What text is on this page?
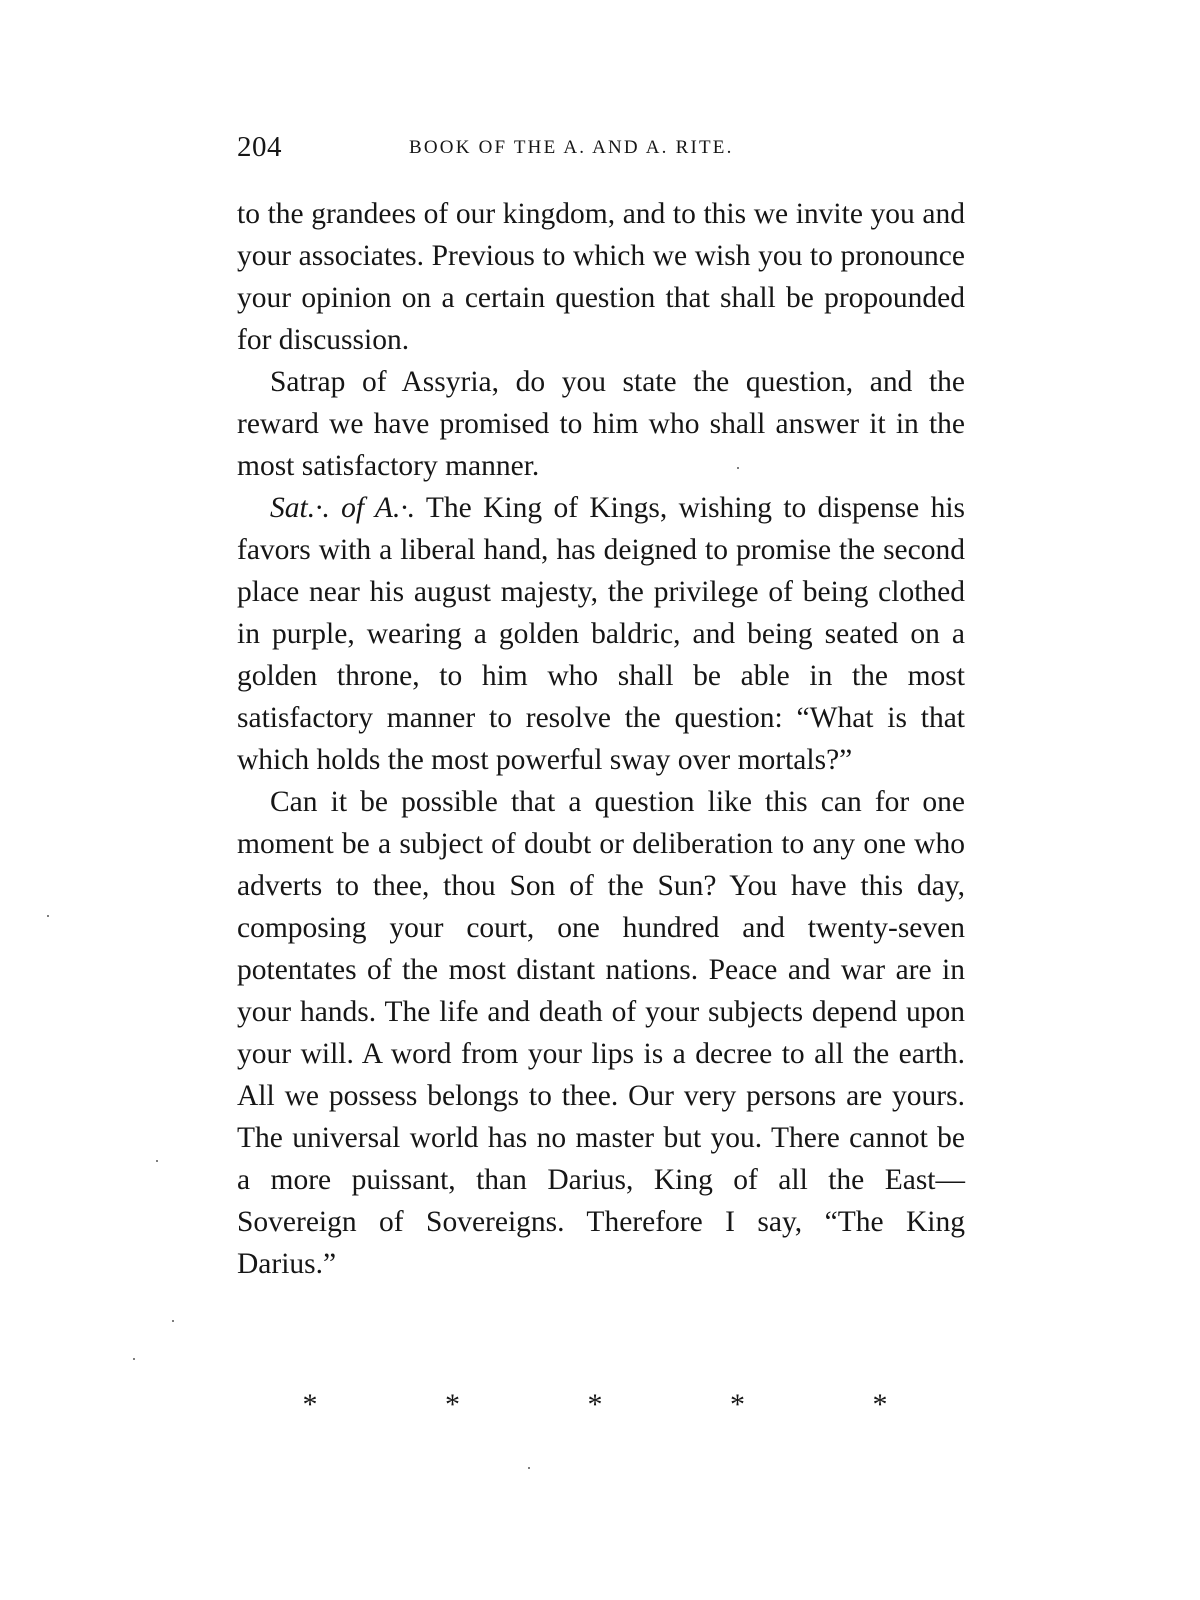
204	BOOK OF THE A. AND A. RITE.

to the grandees of our kingdom, and to this we invite you and your associates. Previous to which we wish you to pronounce your opinion on a certain question that shall be propounded for discussion.

Satrap of Assyria, do you state the question, and the reward we have promised to him who shall answer it in the most satisfactory manner.

Sat.·. of A.·. The King of Kings, wishing to dispense his favors with a liberal hand, has deigned to promise the second place near his august majesty, the privilege of being clothed in purple, wearing a golden baldric, and being seated on a golden throne, to him who shall be able in the most satisfactory manner to resolve the question: “What is that which holds the most powerful sway over mortals?”

Can it be possible that a question like this can for one moment be a subject of doubt or deliberation to any one who adverts to thee, thou Son of the Sun? You have this day, composing your court, one hundred and twenty-seven potentates of the most distant nations. Peace and war are in your hands. The life and death of your subjects depend upon your will. A word from your lips is a decree to all the earth. All we possess belongs to thee. Our very persons are yours. The universal world has no master but you. There cannot be a more puissant, than Darius, King of all the East—Sovereign of Sovereigns. Therefore I say, “The King Darius.”

*	*	*	*	*
